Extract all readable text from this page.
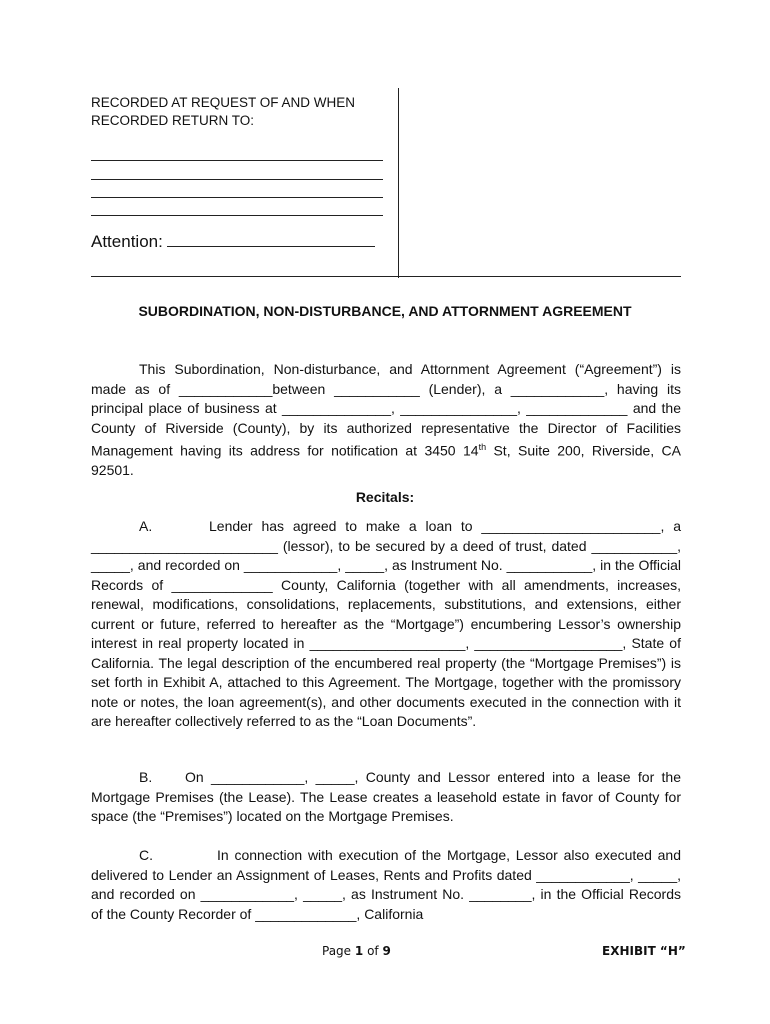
RECORDED AT REQUEST OF AND WHEN
RECORDED RETURN TO:
Attention:
SUBORDINATION, NON-DISTURBANCE, AND ATTORNMENT AGREEMENT

This Subordination, Non-disturbance, and Attornment Agreement (“Agreement”) is made as of ____________between ___________ (Lender), a ____________, having its principal place of business at ______________, _______________, _____________ and the County of Riverside (County), by its authorized representative the Director of Facilities Management having its address for notification at 3450 14th St, Suite 200, Riverside, CA 92501.

Recitals:

A.	Lender has agreed to make a loan to _______________________, a ________________________ (lessor), to be secured by a deed of trust, dated ___________, _____, and recorded on ____________, _____, as Instrument No. ___________, in the Official Records of _____________ County, California (together with all amendments, increases, renewal, modifications, consolidations, replacements, substitutions, and extensions, either current or future, referred to hereafter as the “Mortgage”) encumbering Lessor’s ownership interest in real property located in ____________________, ___________________, State of California. The legal description of the encumbered real property (the “Mortgage Premises”) is set forth in Exhibit A, attached to this Agreement. The Mortgage, together with the promissory note or notes, the loan agreement(s), and other documents executed in the connection with it are hereafter collectively referred to as the “Loan Documents”.

B. On ____________, _____, County and Lessor entered into a lease for the Mortgage Premises (the Lease). The Lease creates a leasehold estate in favor of County for space (the “Premises”) located on the Mortgage Premises.

C.	In connection with execution of the Mortgage, Lessor also executed and delivered to Lender an Assignment of Leases, Rents and Profits dated ____________, _____, and recorded on ____________, _____, as Instrument No. ________, in the Official Records of the County Recorder of _____________, California

Page 1 of 9	EXHIBIT “H”
